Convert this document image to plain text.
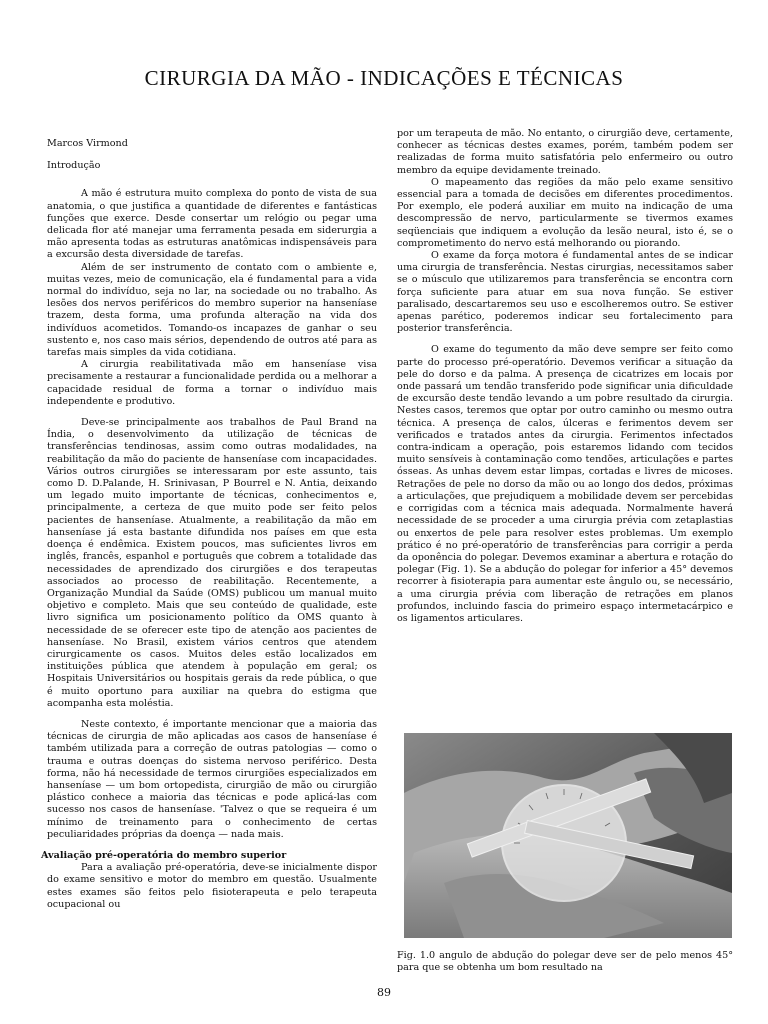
CIRURGIA DA MÃO - INDICAÇÕES E TÉCNICAS

Marcos Virmond

Introdução

A mão é estrutura muito complexa do ponto de vista de sua anatomia, o que justifica a quantidade de diferentes e fantásticas funções que exerce. Desde consertar um relógio ou pegar uma delicada flor até manejar uma ferramenta pesada em siderurgia a mão apresenta todas as estruturas anatômicas indispensáveis para a excursão desta diversidade de tarefas.

Além de ser instrumento de contato com o ambiente e, muitas vezes, meio de comunicação, ela é fundamental para a vida normal do indivíduo, seja no lar, na sociedade ou no trabalho. As lesões dos nervos periféricos do membro superior na hanseníase trazem, desta forma, uma profunda alteração na vida dos indivíduos acometidos. Tomando-os incapazes de ganhar o seu sustento e, nos caso mais sérios, dependendo de outros até para as tarefas mais simples da vida cotidiana.

A cirurgia reabilitativada mão em hanseníase visa precisamente a restaurar a funcionalidade perdida ou a melhorar a capacidade residual de forma a tornar o indivíduo mais independente e produtivo.

Deve-se principalmente aos trabalhos de Paul Brand na Índia, o desenvolvimento da utilização de técnicas de transferências tendinosas, assim como outras modalidades, na reabilitação da mão do paciente de hanseníase com incapacidades. Vários outros cirurgiões se interessaram por este assunto, tais como D. D.Palande, H. Srinivasan, P Bourrel e N. Antia, deixando um legado muito importante de técnicas, conhecimentos e, principalmente, a certeza de que muito pode ser feito pelos pacientes de hanseníase. Atualmente, a reabilitação da mão em hanseníase já esta bastante difundida nos países em que esta doença é endêmica. Existem poucos, mas suficientes livros em inglês, francês, espanhol e português que cobrem a totalidade das necessidades de aprendizado dos cirurgiões e dos terapeutas associados ao processo de reabilitação. Recentemente, a Organização Mundial da Saúde (OMS) publicou um manual muito objetivo e completo. Mais que seu conteúdo de qualidade, este livro significa um posicionamento político da OMS quanto à necessidade de se oferecer este tipo de atenção aos pacientes de hanseníase. No Brasil, existem vários centros que atendem cirurgicamente os casos. Muitos deles estão localizados em instituições pública que atendem à população em geral; os Hospitais Universitários ou hospitais gerais da rede pública, o que é muito oportuno para auxiliar na quebra do estigma que acompanha esta moléstia.

Neste contexto, é importante mencionar que a maioria das técnicas de cirurgia de mão aplicadas aos casos de hanseníase é também utilizada para a correção de outras patologias — como o trauma e outras doenças do sistema nervoso periférico. Desta forma, não há necessidade de termos cirurgiões especializados em hanseníase — um bom ortopedista, cirurgião de mão ou cirurgião plástico conhece a maioria das técnicas e pode aplicá-las com sucesso nos casos de hanseníase. 'Talvez o que se requeira é um mínimo de treinamento para o conhecimento de certas peculiaridades próprias da doença — nada mais.

Avaliação pré-operatória do membro superior

Para a avaliação pré-operatória, deve-se inicialmente dispor do exame sensitivo e motor do membro em questão. Usualmente estes exames são feitos pelo fisioterapeuta e pelo terapeuta ocupacional ou

por um terapeuta de mão. No entanto, o cirurgião deve, certamente, conhecer as técnicas destes exames, porém, também podem ser realizadas de forma muito satisfatória pelo enfermeiro ou outro membro da equipe devidamente treinado.

O mapeamento das regiões da mão pelo exame sensitivo essencial para a tomada de decisões em diferentes procedimentos. Por exemplo, ele poderá auxiliar em muito na indicação de uma descompressão de nervo, particularmente se tivermos exames seqüenciais que indiquem a evolução da lesão neural, isto é, se o comprometimento do nervo está melhorando ou piorando.

O exame da força motora é fundamental antes de se indicar uma cirurgia de transferência. Nestas cirurgias, necessitamos saber se o músculo que utilizaremos para transferência se encontra corn força suficiente para atuar em sua nova função. Se estiver paralisado, descartaremos seu uso e escolheremos outro. Se estiver apenas parético, poderemos indicar seu fortalecimento para posterior transferência.

O exame do tegumento da mão deve sempre ser feito como parte do processo pré-operatório. Devemos verificar a situação da pele do dorso e da palma. A presença de cicatrizes em locais por onde passará um tendão transferido pode significar unia dificuldade de excursão deste tendão levando a um pobre resultado da cirurgia. Nestes casos, teremos que optar por outro caminho ou mesmo outra técnica. A presença de calos, úlceras e ferimentos devem ser verificados e tratados antes da cirurgia. Ferimentos infectados contra-indicam a operação, pois estaremos lidando com tecidos muito sensíveis à contaminação como tendões, articulações e partes ósseas. As unhas devem estar limpas, cortadas e livres de micoses. Retrações de pele no dorso da mão ou ao longo dos dedos, próximas a articulações, que prejudiquem a mobilidade devem ser percebidas e corrigidas com a técnica mais adequada. Normalmente haverá necessidade de se proceder a uma cirurgia prévia com zetaplastias ou enxertos de pele para resolver estes problemas. Um exemplo prático é no pré-operatório de transferências para corrigir a perda da oponência do polegar. Devemos examinar a abertura e rotação do polegar (Fig. 1). Se a abdução do polegar for inferior a 45° devemos recorrer à fisioterapia para aumentar este ângulo ou, se necessário, a uma cirurgia prévia com liberação de retrações em planos profundos, incluindo fascia do primeiro espaço intermetacárpico e os ligamentos articulares.

Fig. 1.0 angulo de abdução do polegar deve ser de pelo menos 45° para que se obtenha um bom resultado na
89
